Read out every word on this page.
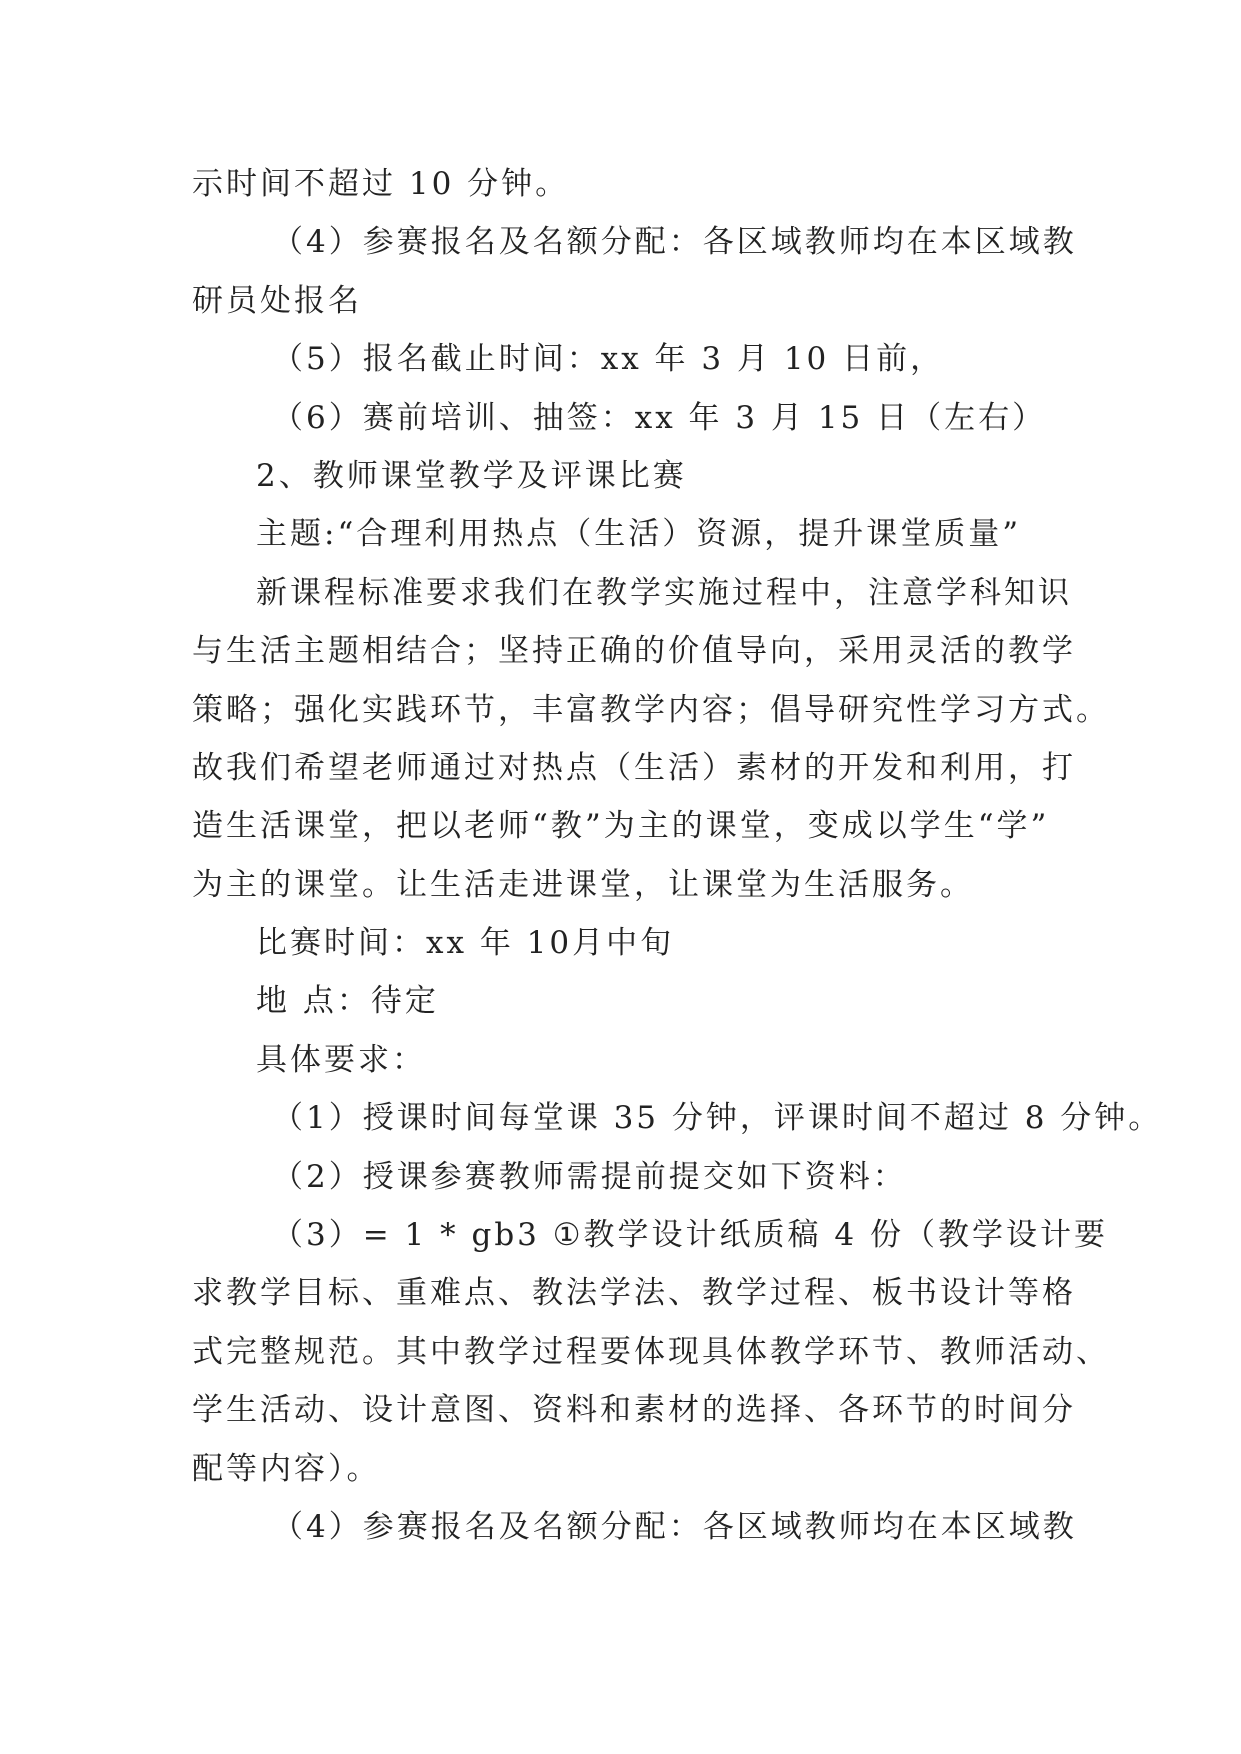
示时间不超过 10 分钟。
（4）参赛报名及名额分配：各区域教师均在本区域教
研员处报名
（5）报名截止时间：xx 年 3 月 10 日前，
（6）赛前培训、抽签：xx 年 3 月 15 日（左右）
2、教师课堂教学及评课比赛
主题:“合理利用热点（生活）资源，提升课堂质量”
新课程标准要求我们在教学实施过程中，注意学科知识
与生活主题相结合；坚持正确的价值导向，采用灵活的教学
策略；强化实践环节，丰富教学内容；倡导研究性学习方式。
故我们希望老师通过对热点（生活）素材的开发和利用，打
造生活课堂，把以老师“教”为主的课堂，变成以学生“学”
为主的课堂。让生活走进课堂，让课堂为生活服务。
比赛时间：xx 年 10月中旬
地 点：待定
具体要求：
（1）授课时间每堂课 35 分钟，评课时间不超过 8 分钟。
（2）授课参赛教师需提前提交如下资料：
（3）= 1 * gb3 ①教学设计纸质稿 4 份（教学设计要
求教学目标、重难点、教法学法、教学过程、板书设计等格
式完整规范。其中教学过程要体现具体教学环节、教师活动、
学生活动、设计意图、资料和素材的选择、各环节的时间分
配等内容）。
（4）参赛报名及名额分配：各区域教师均在本区域教
